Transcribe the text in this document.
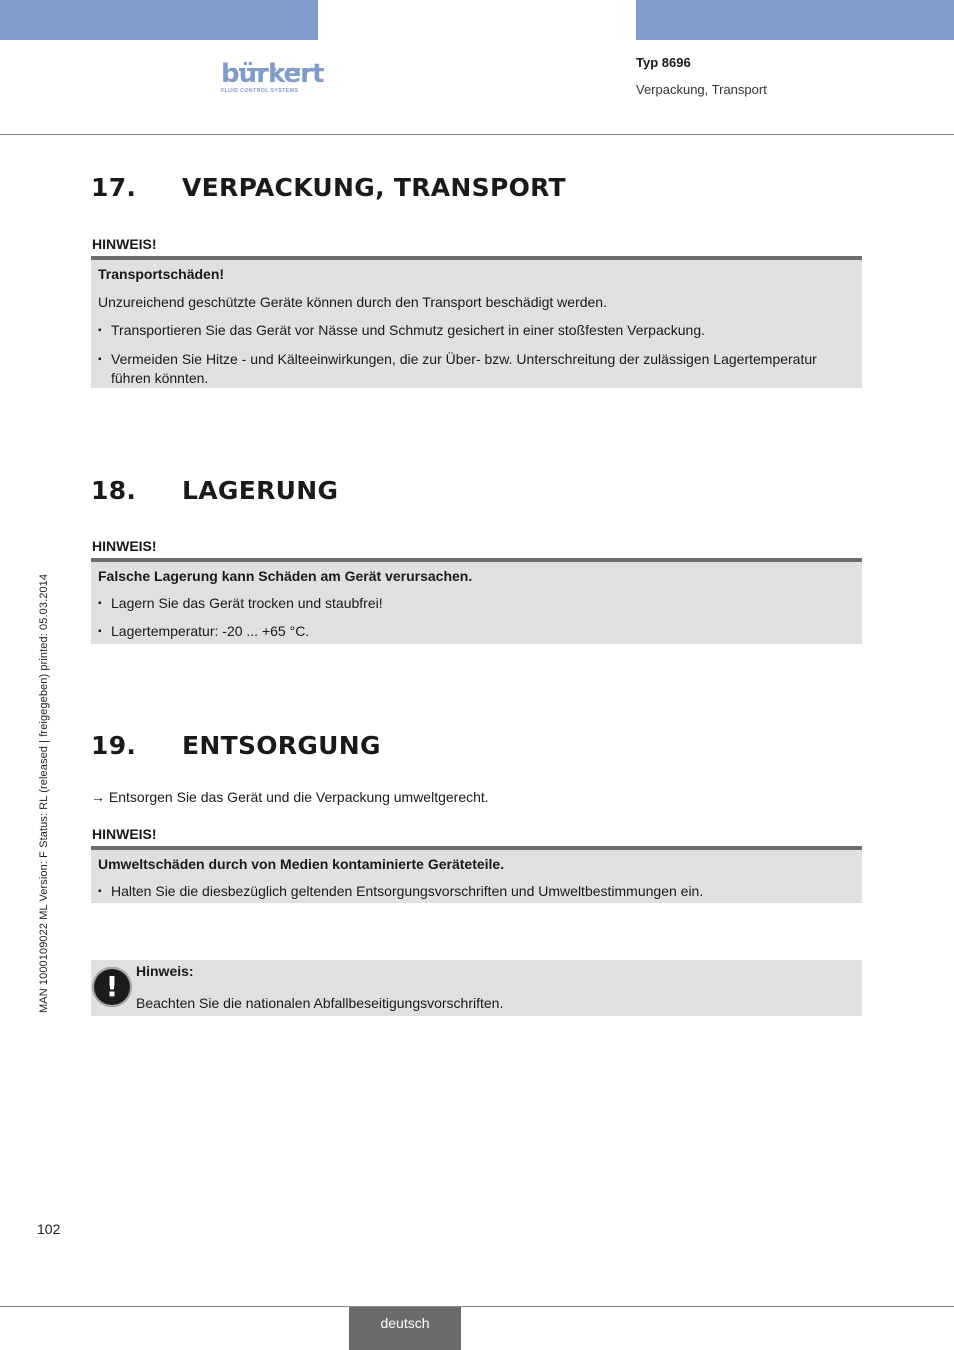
bürkert
FLUID CONTROL SYSTEMS
Typ 8696
Verpackung, Transport
17. VERPACKUNG, TRANSPORT
HINWEIS!
Transportschäden!
Unzureichend geschützte Geräte können durch den Transport beschädigt werden.
▪ Transportieren Sie das Gerät vor Nässe und Schmutz gesichert in einer stoßfesten Verpackung.
▪ Vermeiden Sie Hitze - und Kälteeinwirkungen, die zur Über- bzw. Unterschreitung der zulässigen Lagertemperatur führen könnten.
18. LAGERUNG
HINWEIS!
Falsche Lagerung kann Schäden am Gerät verursachen.
▪ Lagern Sie das Gerät trocken und staubfrei!
▪ Lagertemperatur: -20 ... +65 °C.
19. ENTSORGUNG
→ Entsorgen Sie das Gerät und die Verpackung umweltgerecht.
HINWEIS!
Umweltschäden durch von Medien kontaminierte Geräteteile.
▪ Halten Sie die diesbezüglich geltenden Entsorgungsvorschriften und Umweltbestimmungen ein.
!	Hinweis:
Beachten Sie die nationalen Abfallbeseitigungsvorschriften.
MAN 1000109022 ML Version: F Status: RL (released | freigegeben) printed: 05.03.2014
102
deutsch
